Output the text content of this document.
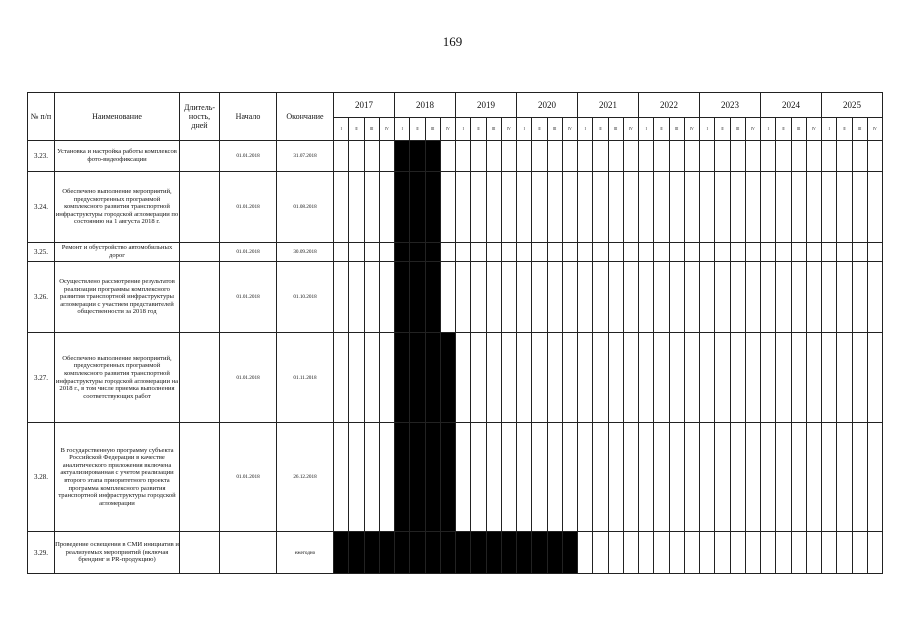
169
№ п/п	Наименование	Длитель-ность, дней	Начало	Окончание	2017				2018				2019				2020				2021				2022				2023				2024				2025			
					I	II	III	IV	I	II	III	IV	I	II	III	IV	I	II	III	IV	I	II	III	IV	I	II	III	IV	I	II	III	IV	I	II	III	IV	I	II	III	IV
3.23.	Установка и настройка работы комплексов фото-видеофиксации		01.01.2018	31.07.2018																																				
3.24.	Обеспечено выполнение мероприятий, предусмотренных программой комплексного развития транспортной инфраструктуры городской агломерации по состоянию на 1 августа 2018 г.		01.01.2018	01.08.2018																																				
3.25.	Ремонт и обустройство автомобильных дорог		01.01.2018	30.09.2018																																				
3.26.	Осуществлено рассмотрение результатов реализации программы комплексного развития транспортной инфраструктуры агломерации с участием представителей общественности за 2018 год		01.01.2018	01.10.2018																																				
3.27.	Обеспечено выполнение мероприятий, предусмотренных программой комплексного развития транспортной инфраструктуры городской агломерации на 2018 г., в том числе приемка выполнения соответствующих работ		01.01.2018	01.11.2018																																				
3.28.	В государственную программу субъекта Российской Федерации в качестве аналитического приложения включена актуализированная с учетом реализации второго этапа приоритетного проекта программа комплексного развития транспортной инфраструктуры городской агломерации		01.01.2018	26.12.2018																																				
3.29.	Проведение освещения в СМИ инициатив и реализуемых мероприятий (включая брендинг и PR-продукцию)			ежегодно																																				
